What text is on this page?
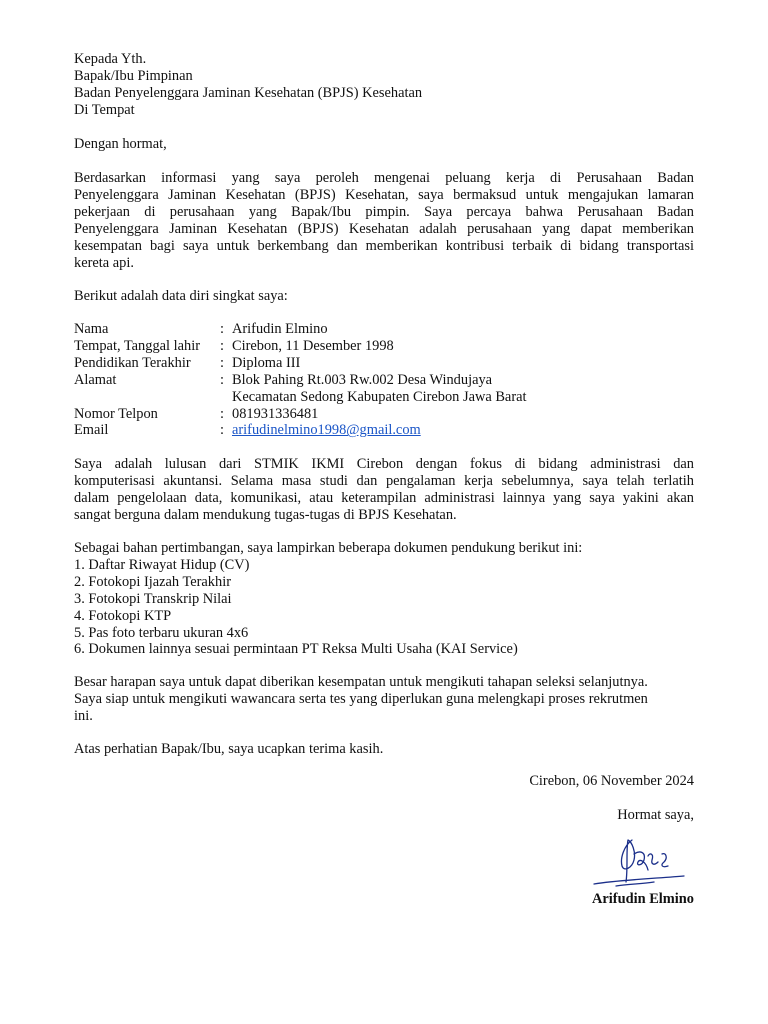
Kepada Yth.
Bapak/Ibu Pimpinan
Badan Penyelenggara Jaminan Kesehatan (BPJS) Kesehatan
Di Tempat
Dengan hormat,
Berdasarkan informasi yang saya peroleh mengenai peluang kerja di Perusahaan Badan
Penyelenggara Jaminan Kesehatan (BPJS) Kesehatan, saya bermaksud untuk mengajukan lamaran
pekerjaan di perusahaan yang Bapak/Ibu pimpin. Saya percaya bahwa Perusahaan Badan
Penyelenggara Jaminan Kesehatan (BPJS) Kesehatan adalah perusahaan yang dapat memberikan
kesempatan bagi saya untuk berkembang dan memberikan kontribusi terbaik di bidang transportasi
kereta api.
Berikut adalah data diri singkat saya:
Nama	:	Arifudin Elmino
Tempat, Tanggal lahir	:	Cirebon, 11 Desember 1998
Pendidikan Terakhir	:	Diploma III
Alamat	:	Blok Pahing Rt.003 Rw.002 Desa Windujaya
Kecamatan Sedong Kabupaten Cirebon Jawa Barat

Nomor Telpon	:	081931336481
Email	:	arifudinelmino1998@gmail.com
Saya adalah lulusan dari STMIK IKMI Cirebon dengan fokus di bidang administrasi dan
komputerisasi akuntansi. Selama masa studi dan pengalaman kerja sebelumnya, saya telah terlatih
dalam pengelolaan data, komunikasi, atau keterampilan administrasi lainnya yang saya yakini akan
sangat berguna dalam mendukung tugas-tugas di BPJS Kesehatan.
Sebagai bahan pertimbangan, saya lampirkan beberapa dokumen pendukung berikut ini:
1. Daftar Riwayat Hidup (CV)
2. Fotokopi Ijazah Terakhir
3. Fotokopi Transkrip Nilai
4. Fotokopi KTP
5. Pas foto terbaru ukuran 4x6
6. Dokumen lainnya sesuai permintaan PT Reksa Multi Usaha (KAI Service)
Besar harapan saya untuk dapat diberikan kesempatan untuk mengikuti tahapan seleksi selanjutnya.
Saya siap untuk mengikuti wawancara serta tes yang diperlukan guna melengkapi proses rekrutmen
ini.
Atas perhatian Bapak/Ibu, saya ucapkan terima kasih.
Cirebon, 06 November 2024
Hormat saya,
Arifudin Elmino
